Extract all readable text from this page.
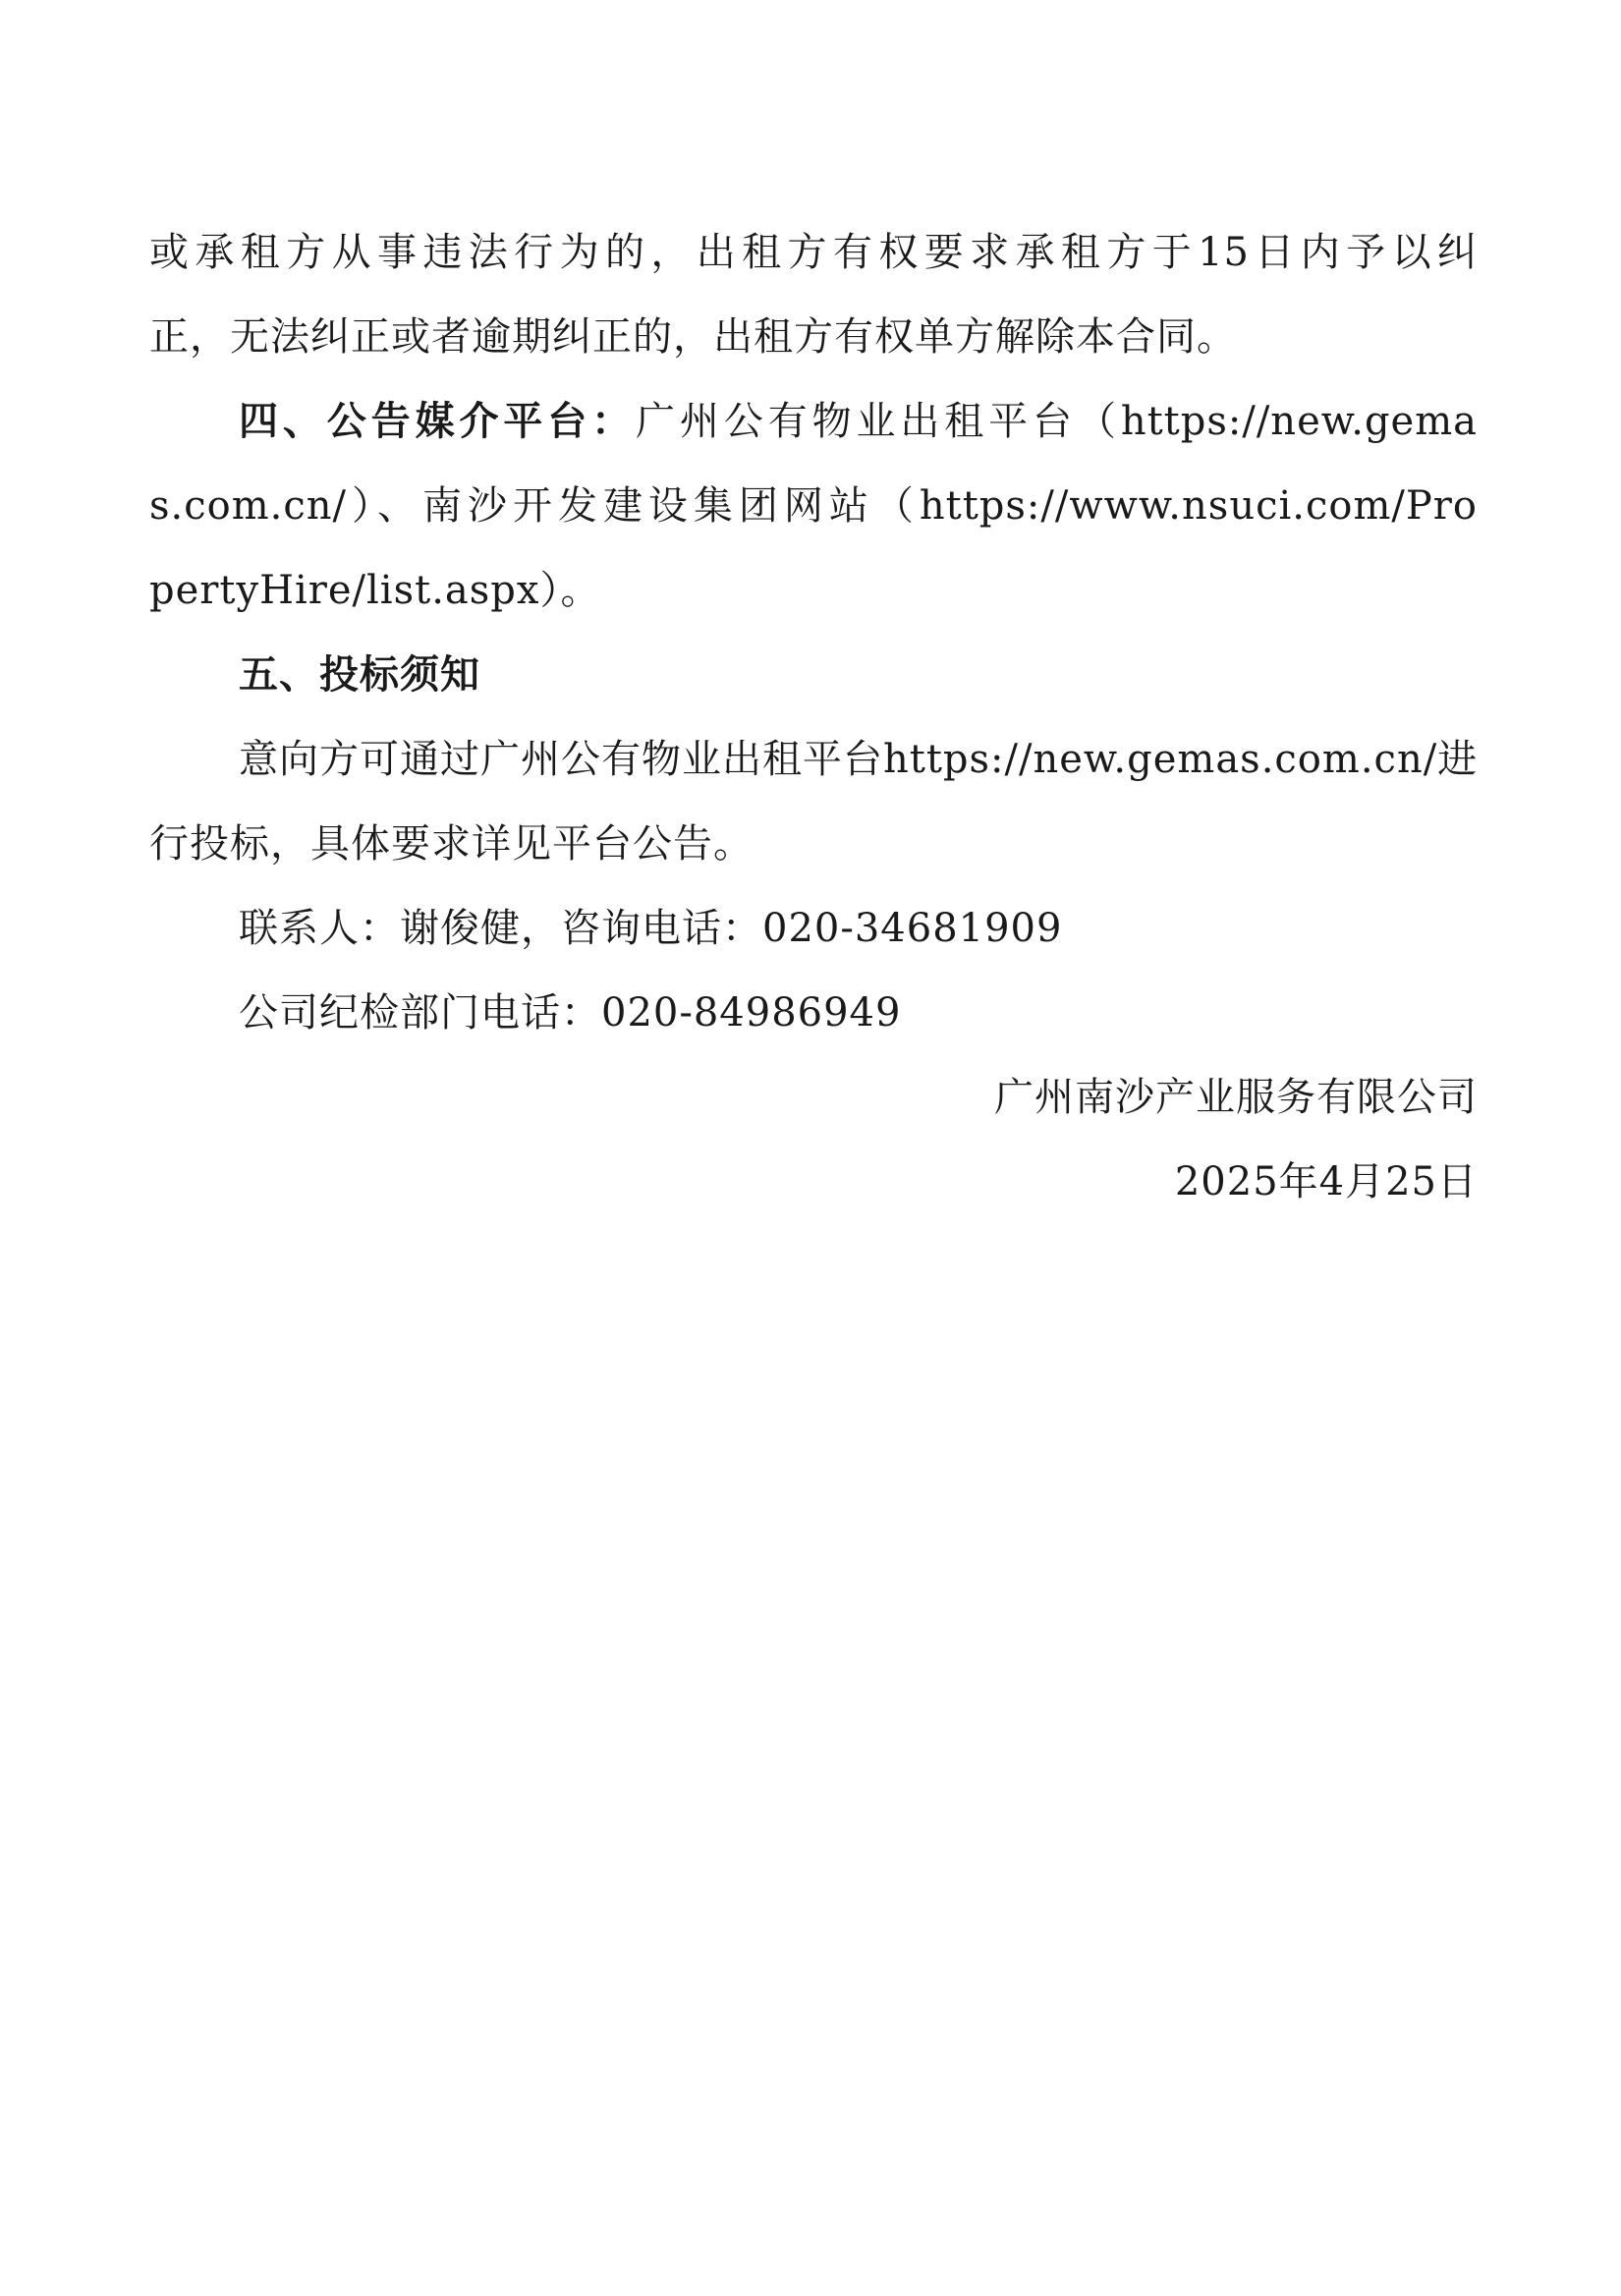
或承租方从事违法行为的，出租方有权要求承租方于15日内予以纠
正，无法纠正或者逾期纠正的，出租方有权单方解除本合同。
四、公告媒介平台：广州公有物业出租平台（https://new.gema
s.com.cn/）、南沙开发建设集团网站（https://www.nsuci.com/Pro
pertyHire/list.aspx）。
五、投标须知
意向方可通过广州公有物业出租平台https://new.gemas.com.cn/进
行投标，具体要求详见平台公告。
联系人：谢俊健，咨询电话：020-34681909
公司纪检部门电话：020-84986949
广州南沙产业服务有限公司
2025年4月25日
